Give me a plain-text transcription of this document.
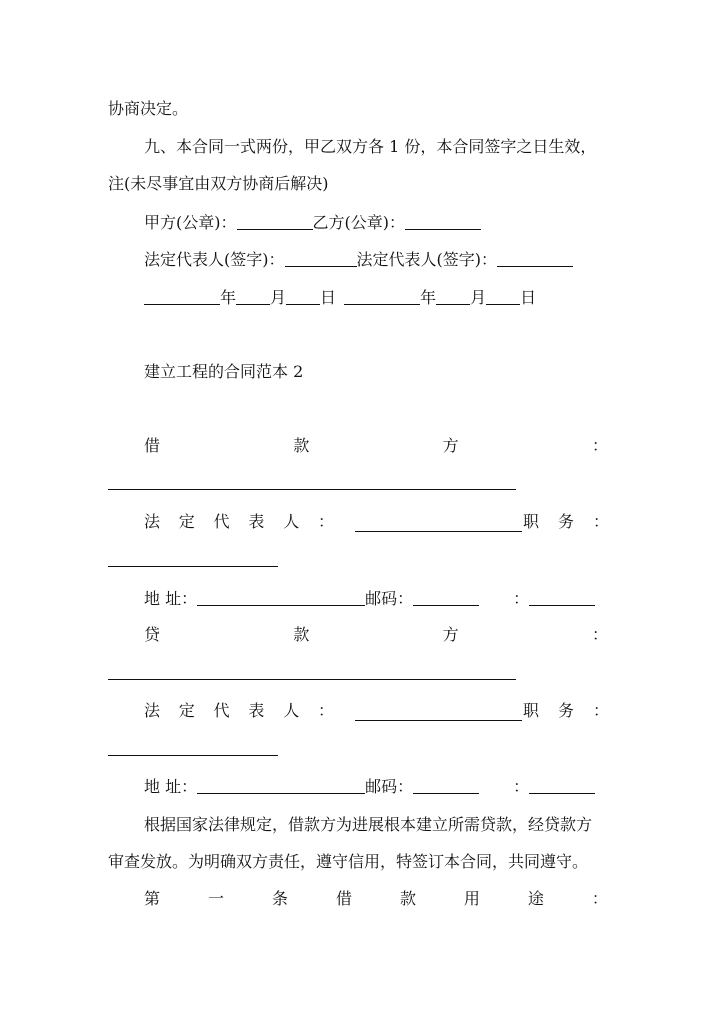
协商决定。
九、本合同一式两份，甲乙双方各 1 份，本合同签字之日生效，
注(未尽事宜由双方协商后解决)
甲方(公章)：	乙方(公章)：
法定代表人(签字)：	法定代表人(签字)：
年 月 日	年 月 日
建立工程的合同范本 2
借	款	方	：
法 定 代 表 人 ：	职 务 ：
地 址：	邮码：	：
贷	款	方	：
法 定 代 表 人 ：	职 务 ：
地 址：	邮码：	：
根据国家法律规定，借款方为进展根本建立所需贷款，经贷款方
审查发放。为明确双方责任，遵守信用，特签订本合同，共同遵守。
第	一	条	借	款	用	途	：
